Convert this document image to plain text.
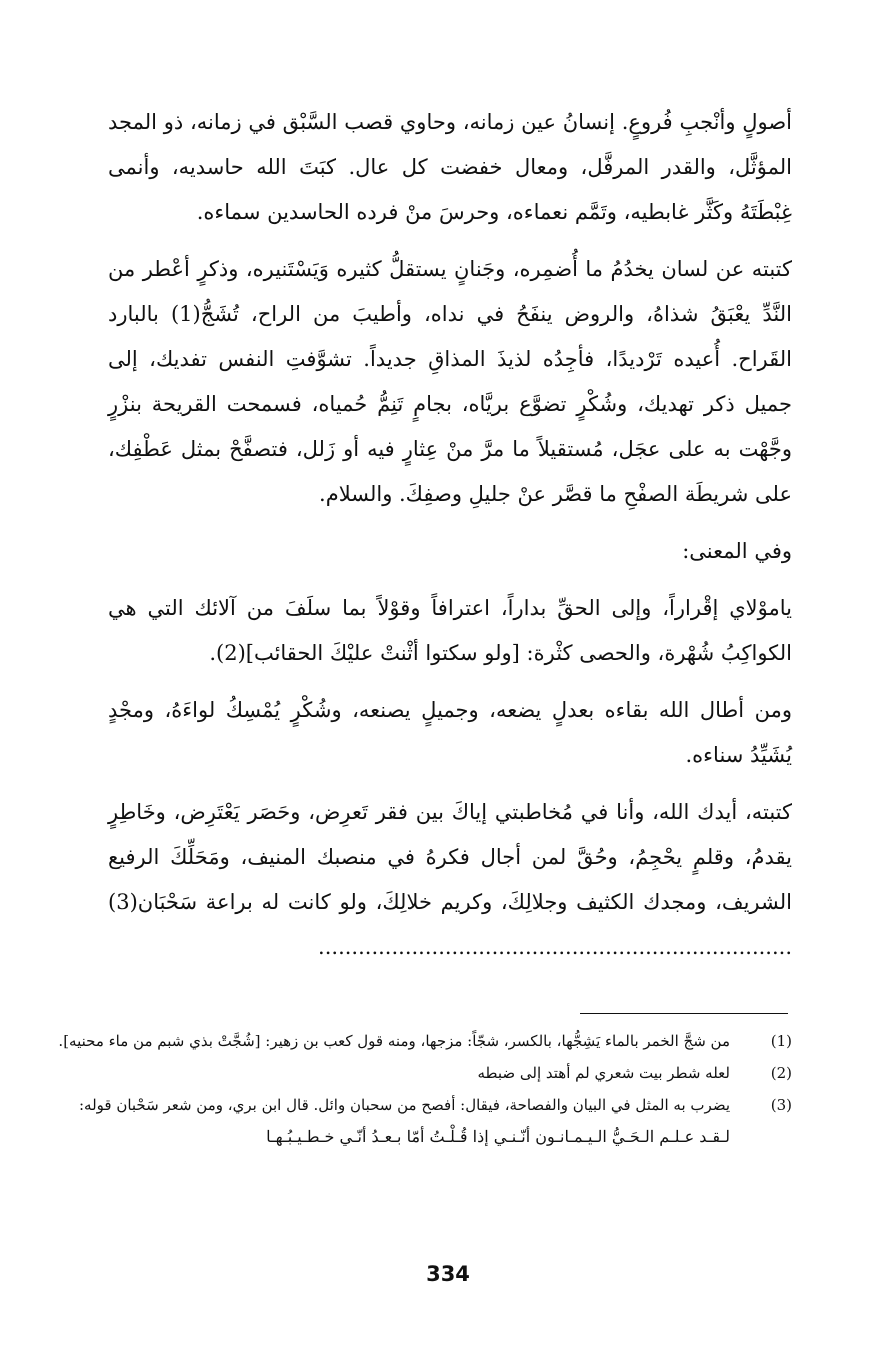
أصولٍ وأنْجبِ فُروعٍ. إنسانُ عين زمانه، وحاوي قصب السَّبْق في زمانه، ذو المجد المؤثَّل، والقدر المرفَّل، ومعال خفضت كل عال. كبَتَ الله حاسديه، وأنمى غِبْطَتَهُ وكَثَّر غابطيه، وتَمَّم نعماءه، وحرسَ منْ فرده الحاسدين سماءه.

كتبته عن لسان يخدُمُ ما أُضمِره، وجَنانٍ يستقلُّ كثيره وَيَسْتَنيره، وذكرٍ أعْطر من النَّدِّ يعْبَقُ شذاهُ، والروض ينفَحُ في نداه، وأطيبَ من الراح، تُشَجُّ(1) بالبارد القَراح. أُعيده تَرْديدًا، فأجِدُه لذيذَ المذاقِ جديداً. تشوَّفتِ النفس تفديك، إلى جميل ذكر تهديك، وشُكْرٍ تضوَّع بريَّاه، بجامٍ تَنِمُّ حُمياه، فسمحت القريحة بنزْرٍ وجَّهْت به على عجَل، مُستقيلاً ما مرَّ منْ عِثارٍ فيه أو زَلل، فتصفَّحْ بمثل عَطْفِك، على شريطَة الصفْحِ ما قصَّر عنْ جليلِ وصفِكَ. والسلام.

وفي المعنى:

ياموْلاي إقْراراً، وإلى الحقِّ بداراً، اعترافاً وقوْلاً بما سلَفَ من آلائك التي هي الكواكِبُ شُهْرة، والحصى كثْرة: [ولو سكتوا أثْنتْ عليْكَ الحقائب](2).

ومن أطال الله بقاءه بعدلٍ يضعه، وجميلٍ يصنعه، وشُكْرٍ يُمْسِكُ لواءَهُ، ومجْدٍ يُشَيِّدُ سناءه.

كتبته، أيدك الله، وأنا في مُخاطبتي إياكَ بين فقر تَعرِض، وحَصَر يَعْتَرِض، وخَاطِرٍ يقدمُ، وقلمٍ يحْجِمُ، وحُقَّ لمن أجال فكرهُ في منصبك المنيف، ومَحَلِّكَ الرفيع الشريف، ومجدك الكثيف وجلالِكَ، وكريم خلالِكَ، ولو كانت له براعة سَحْبَان(3) .......................................................................

(1)
من شجَّ الخمر بالماء يَشِجُّها، بالكسر، شجّاً: مزجها، ومنه قول كعب بن زهير: [شُجَّتْ بذي شبم من ماء محنيه].
(2)
لعله شطر بيت شعري لم أهتد إلى ضبطه
(3)
يضرب به المثل في البيان والفصاحة، فيقال: أفصح من سحبان وائل. قال ابن بري، ومن شعر سَحْبان قوله:
لـقـد عـلـم الـحَـيُّ الـيـمـانـون أنّـنـي إذا قُـلْـتُ أمّا بـعـدُ أنّـي خـطـيـبُـهـا
334
